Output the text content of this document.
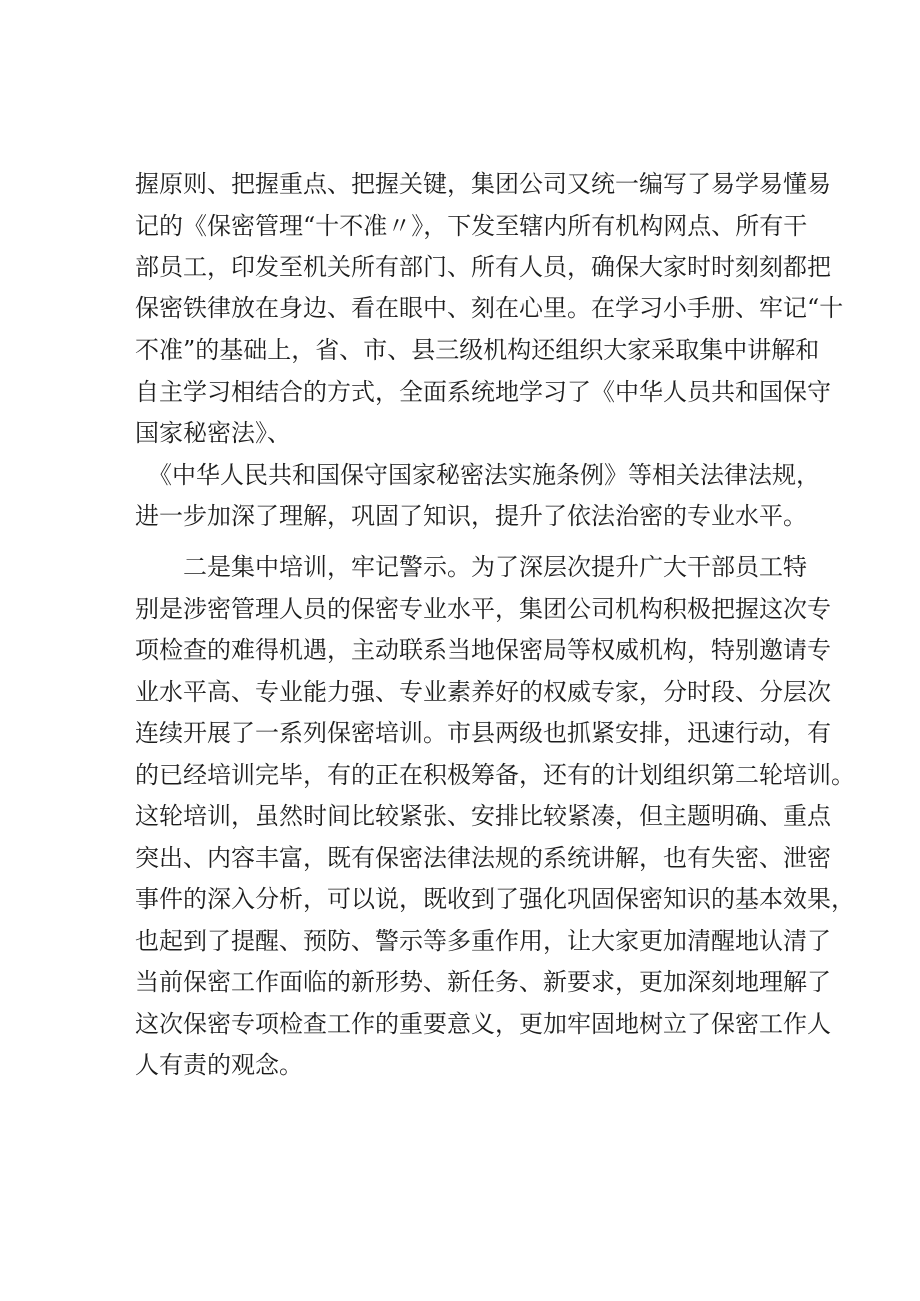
握原则、把握重点、把握关键，集团公司又统一编写了易学易懂易
记的《保密管理“十不准〃》，下发至辖内所有机构网点、所有干
部员工，印发至机关所有部门、所有人员，确保大家时时刻刻都把
保密铁律放在身边、看在眼中、刻在心里。在学习小手册、牢记“十
不准”的基础上，省、市、县三级机构还组织大家采取集中讲解和
自主学习相结合的方式，全面系统地学习了《中华人员共和国保守
国家秘密法》、
《中华人民共和国保守国家秘密法实施条例》等相关法律法规，
进一步加深了理解，巩固了知识，提升了依法治密的专业水平。
二是集中培训，牢记警示。为了深层次提升广大干部员工特
别是涉密管理人员的保密专业水平，集团公司机构积极把握这次专
项检查的难得机遇，主动联系当地保密局等权威机构，特别邀请专
业水平高、专业能力强、专业素养好的权威专家，分时段、分层次
连续开展了一系列保密培训。市县两级也抓紧安排，迅速行动，有
的已经培训完毕，有的正在积极筹备，还有的计划组织第二轮培训。
这轮培训，虽然时间比较紧张、安排比较紧凑，但主题明确、重点
突出、内容丰富，既有保密法律法规的系统讲解，也有失密、泄密
事件的深入分析，可以说，既收到了强化巩固保密知识的基本效果，
也起到了提醒、预防、警示等多重作用，让大家更加清醒地认清了
当前保密工作面临的新形势、新任务、新要求，更加深刻地理解了
这次保密专项检查工作的重要意义，更加牢固地树立了保密工作人
人有责的观念。
